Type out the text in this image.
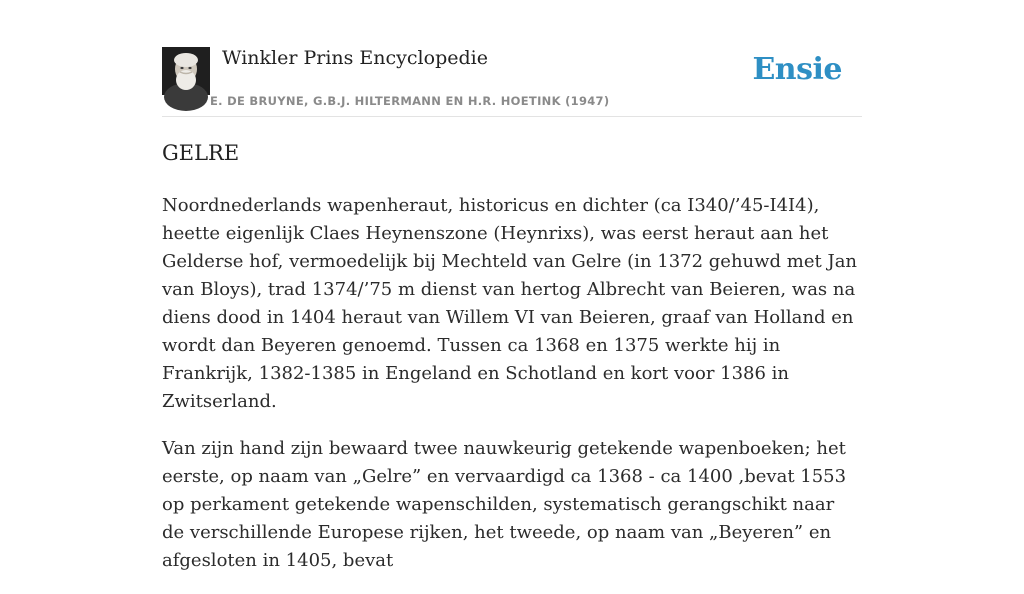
Winkler Prins Encyclopedie
E. DE BRUYNE, G.B.J. HILTERMANN EN H.R. HOETINK (1947)
Ensie
GELRE

Noordnederlands wapenheraut, historicus en dichter (ca I340/’45-I4I4), heette eigenlijk Claes Heynenszone (Heynrixs), was eerst heraut aan het Gelderse hof, vermoedelijk bij Mechteld van Gelre (in 1372 gehuwd met Jan van Bloys), trad 1374/’75 m dienst van hertog Albrecht van Beieren, was na diens dood in 1404 heraut van Willem VI van Beieren, graaf van Holland en wordt dan Beyeren genoemd. Tussen ca 1368 en 1375 werkte hij in Frankrijk, 1382-1385 in Engeland en Schotland en kort voor 1386 in Zwitserland.

Van zijn hand zijn bewaard twee nauwkeurig getekende wapenboeken; het eerste, op naam van „Gelre” en vervaardigd ca 1368 - ca 1400 ,bevat 1553 op perkament getekende wapenschilden, systematisch gerangschikt naar de verschillende Europese rijken, het tweede, op naam van „Beyeren” en afgesloten in 1405, bevat
